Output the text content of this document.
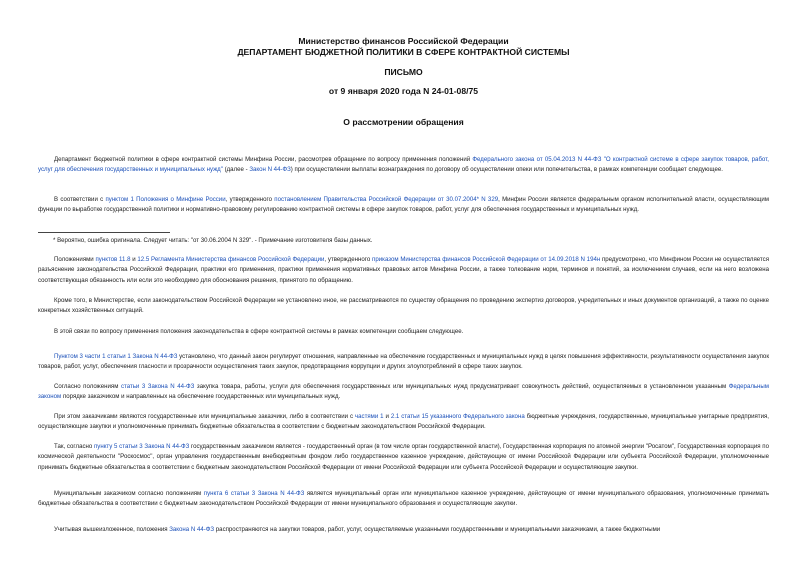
Министерство финансов Российской Федерации
ДЕПАРТАМЕНТ БЮДЖЕТНОЙ ПОЛИТИКИ В СФЕРЕ КОНТРАКТНОЙ СИСТЕМЫ
ПИСЬМО
от 9 января 2020 года N 24-01-08/75
О рассмотрении обращения

Департамент бюджетной политики в сфере контрактной системы Минфина России, рассмотрев обращение по вопросу применения положений Федерального закона от 05.04.2013 N 44-ФЗ "О контрактной системе в сфере закупок товаров, работ, услуг для обеспечения государственных и муниципальных нужд" (далее - Закон N 44-ФЗ) при осуществлении выплаты вознаграждения по договору об осуществлении опеки или попечительства, в рамках компетенции сообщает следующее.

В соответствии с пунктом 1 Положения о Минфине России, утвержденного постановлением Правительства Российской Федерации от 30.07.2004* N 329, Минфин России является федеральным органом исполнительной власти, осуществляющим функции по выработке государственной политики и нормативно-правовому регулированию контрактной системы в сфере закупок товаров, работ, услуг для обеспечения государственных и муниципальных нужд.

Положениями пунктов 11.8 и 12.5 Регламента Министерства финансов Российской Федерации, утвержденного приказом Министерства финансов Российской Федерации от 14.09.2018 N 194н предусмотрено, что Минфином России не осуществляется разъяснение законодательства Российской Федерации, практики его применения, практики применения нормативных правовых актов Минфина России, а также толкование норм, терминов и понятий, за исключением случаев, если на него возложена соответствующая обязанность или если это необходимо для обоснования решения, принятого по обращению.

Кроме того, в Министерстве, если законодательством Российской Федерации не установлено иное, не рассматриваются по существу обращения по проведению экспертиз договоров, учредительных и иных документов организаций, а также по оценке конкретных хозяйственных ситуаций.

В этой связи по вопросу применения положения законодательства в сфере контрактной системы в рамках компетенции сообщаем следующее.

Пунктом 3 части 1 статьи 1 Закона N 44-ФЗ установлено, что данный закон регулирует отношения, направленные на обеспечение государственных и муниципальных нужд в целях повышения эффективности, результативности осуществления закупок товаров, работ, услуг, обеспечения гласности и прозрачности осуществления таких закупок, предотвращения коррупции и других злоупотреблений в сфере таких закупок.

Согласно положениям статьи 3 Закона N 44-ФЗ закупка товара, работы, услуги для обеспечения государственных или муниципальных нужд предусматривает совокупность действий, осуществляемых в установленном указанным Федеральным законом порядке заказчиком и направленных на обеспечение государственных или муниципальных нужд.

При этом заказчиками являются государственные или муниципальные заказчики, либо в соответствии с частями 1 и 2.1 статьи 15 указанного Федерального закона бюджетные учреждения, государственные, муниципальные унитарные предприятия, осуществляющие закупки и уполномоченные принимать бюджетные обязательства в соответствии с бюджетным законодательством Российской Федерации.

Так, согласно пункту 5 статьи 3 Закона N 44-ФЗ государственным заказчиком является - государственный орган (в том числе орган государственной власти), Государственная корпорация по атомной энергии "Росатом", Государственная корпорация по космической деятельности "Роскосмос", орган управления государственным внебюджетным фондом либо государственное казенное учреждение, действующие от имени Российской Федерации или субъекта Российской Федерации, уполномоченные принимать бюджетные обязательства в соответствии с бюджетным законодательством Российской Федерации от имени Российской Федерации или субъекта Российской Федерации и осуществляющие закупки.

Муниципальным заказчиком согласно положениям пункта 6 статьи 3 Закона N 44-ФЗ является муниципальный орган или муниципальное казенное учреждение, действующие от имени муниципального образования, уполномоченные принимать бюджетные обязательства в соответствии с бюджетным законодательством Российской Федерации от имени муниципального образования и осуществляющие закупки.

Учитывая вышеизложенное, положения Закона N 44-ФЗ распространяются на закупки товаров, работ, услуг, осуществляемые указанными государственными и муниципальными заказчиками, а также бюджетными

* Вероятно, ошибка оригинала. Следует читать: "от 30.06.2004 N 329". - Примечание изготовителя базы данных.
